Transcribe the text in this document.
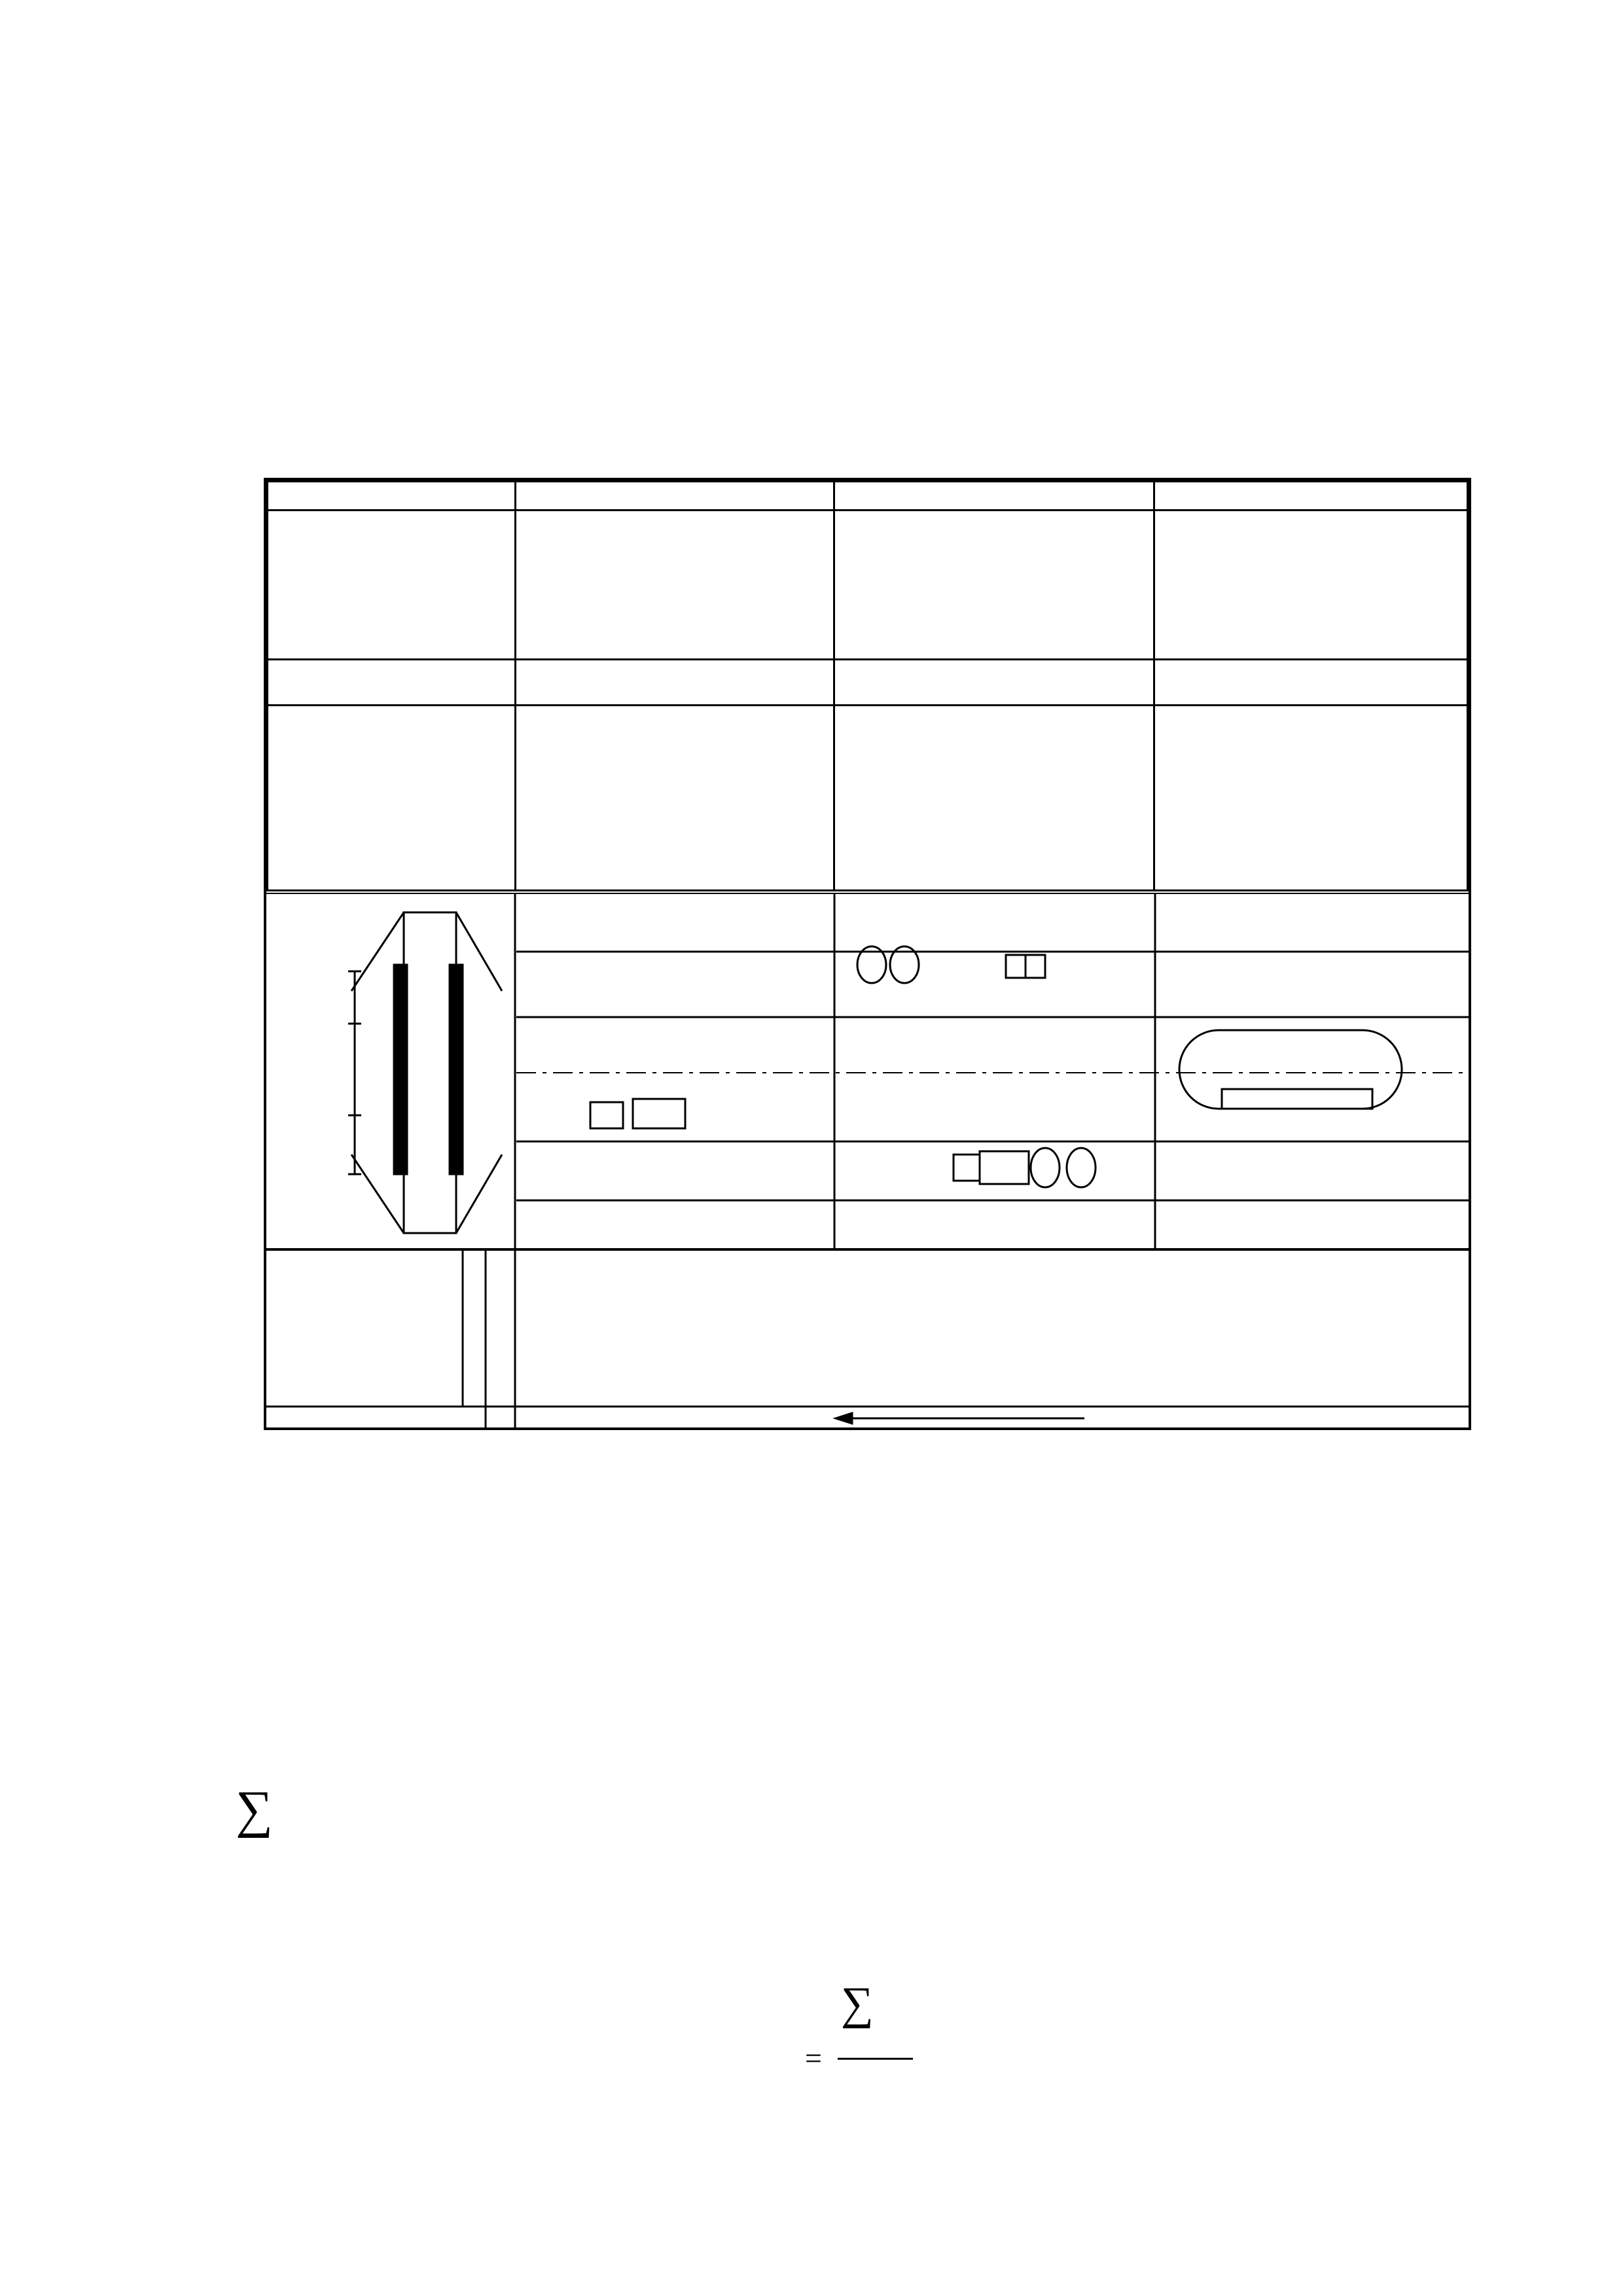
∑
=
∑
